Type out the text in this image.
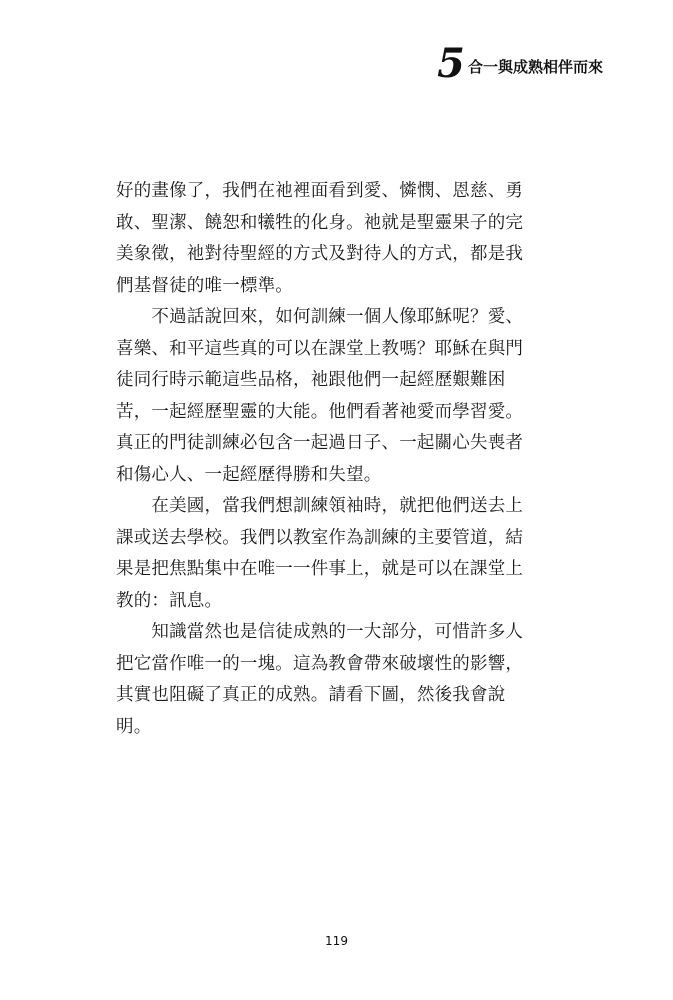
5 合一與成熟相伴而來

好的畫像了，我們在祂裡面看到愛、憐憫、恩慈、勇
敢、聖潔、饒恕和犧牲的化身。祂就是聖靈果子的完
美象徵，祂對待聖經的方式及對待人的方式，都是我
們基督徒的唯一標準。

　　不過話說回來，如何訓練一個人像耶穌呢？愛、
喜樂、和平這些真的可以在課堂上教嗎？耶穌在與門
徒同行時示範這些品格，祂跟他們一起經歷艱難困
苦，一起經歷聖靈的大能。他們看著祂愛而學習愛。
真正的門徒訓練必包含一起過日子、一起關心失喪者
和傷心人、一起經歷得勝和失望。

　　在美國，當我們想訓練領袖時，就把他們送去上
課或送去學校。我們以教室作為訓練的主要管道，結
果是把焦點集中在唯一一件事上，就是可以在課堂上
教的：訊息。

　　知識當然也是信徒成熟的一大部分，可惜許多人
把它當作唯一的一塊。這為教會帶來破壞性的影響，
其實也阻礙了真正的成熟。請看下圖，然後我會說
明。

119
